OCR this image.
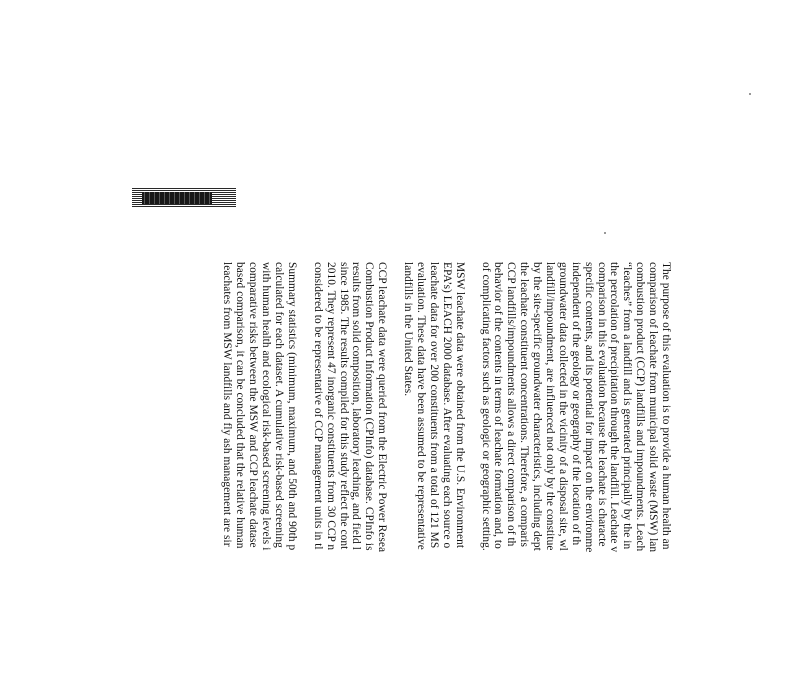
The purpose of this evaluation is to provide a human health an
comparison of leachate from municipal solid waste (MSW) lan
combustion product (CCP) landfills and impoundments. Leach
“leaches” from a landfill and is generated principally by the in
the percolation of precipitation through the landfill. Leachate v
comparison in this evaluation because the leachate is characte
specific contents, and its potential for impact on the environme
independent of the geology or geography of the location of th
groundwater data collected in the vicinity of a disposal site, wl
landfill/impoundment, are influenced not only by the constitue
by the site-specific groundwater characteristics, including dept
the leachate constituent concentrations. Therefore, a comparis
CCP landfills/impoundments allows a direct comparison of th
behavior of the contents in terms of leachate formation and, to
of complicating factors such as geologic or geographic setting.
MSW leachate data were obtained from the U.S. Environment
EPA’s) LEACH 2000 database. After evaluating each source o
leachate data for over 200 constituents from a total of 121 MS
evaluation. These data have been assumed to be representative
landfills in the United States.
CCP leachate data were queried from the Electric Power Resea
Combustion Product Information (CPInfo) database. CPInfo is
results from solid composition, laboratory leaching, and field l
since 1985. The results compiled for this study reflect the cont
2010. They represent 47 inorganic constituents from 30 CCP n
considered to be representative of CCP management units in tl
Summary statistics (minimum, maximum, and 50th and 90th p
calculated for each dataset. A cumulative risk-based screening
with human health and ecological risk-based screening levels i
comparative risks between the MSW and CCP leachate datase
based comparison, it can be concluded that the relative human
leachates from MSW landfills and fly ash management are sir
